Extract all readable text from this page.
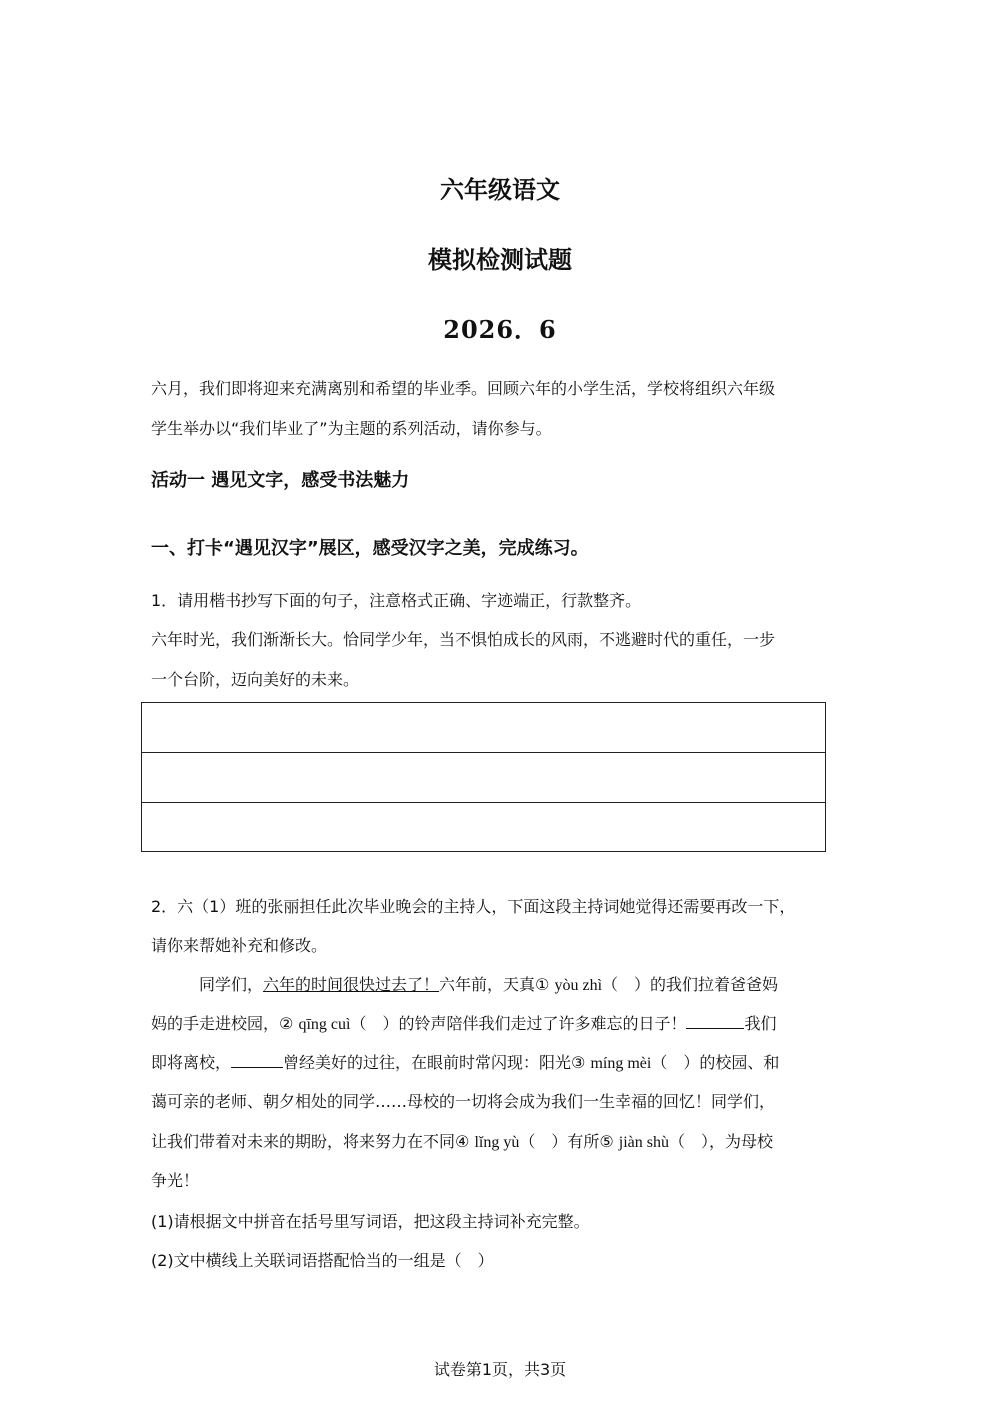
六年级语文
模拟检测试题
2026．6
六月，我们即将迎来充满离别和希望的毕业季。回顾六年的小学生活，学校将组织六年级
学生举办以“我们毕业了”为主题的系列活动，请你参与。
活动一 遇见文字，感受书法魅力
一、打卡“遇见汉字”展区，感受汉字之美，完成练习。
1．请用楷书抄写下面的句子，注意格式正确、字迹端正，行款整齐。
六年时光，我们渐渐长大。恰同学少年，当不惧怕成长的风雨，不逃避时代的重任，一步
一个台阶，迈向美好的未来。
2．六（1）班的张丽担任此次毕业晚会的主持人，下面这段主持词她觉得还需要再改一下，
请你来帮她补充和修改。
同学们，六年的时间很快过去了！六年前，天真① yòu zhì（　）的我们拉着爸爸妈
妈的手走进校园，② qīng cuì（　）的铃声陪伴我们走过了许多难忘的日子！	我们
即将离校，	曾经美好的过往，在眼前时常闪现：阳光③ míng mèi（　）的校园、和
蔼可亲的老师、朝夕相处的同学……母校的一切将会成为我们一生幸福的回忆！同学们，
让我们带着对未来的期盼，将来努力在不同④ lǐng yù（　）有所⑤ jiàn shù（　），为母校
争光！
(1)请根据文中拼音在括号里写词语，把这段主持词补充完整。
(2)文中横线上关联词语搭配恰当的一组是（　）
试卷第1页，共3页
